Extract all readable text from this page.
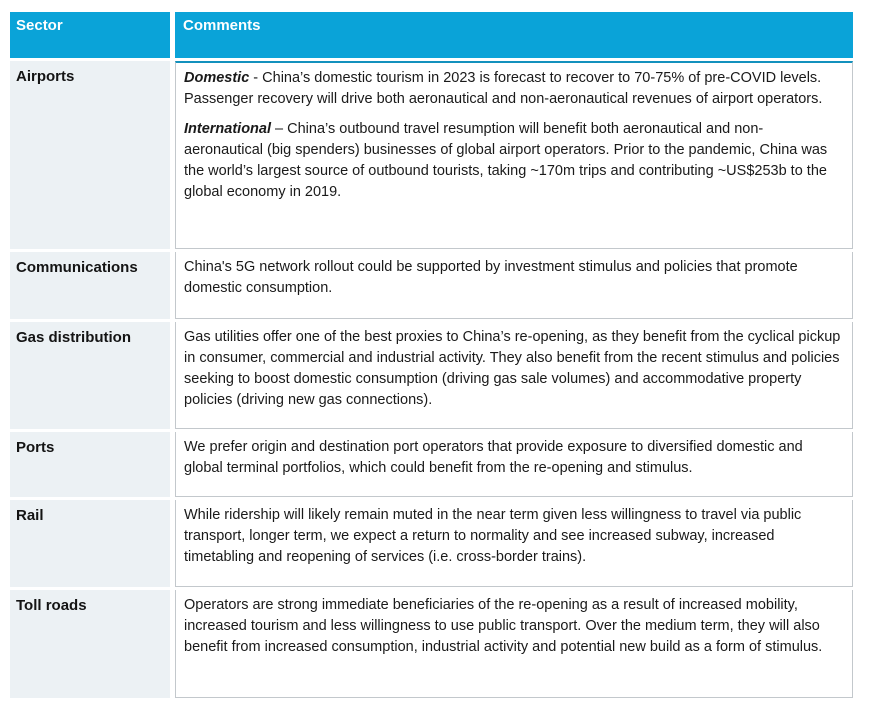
Sector	Comments
Airports	Domestic - China’s domestic tourism in 2023 is forecast to recover to 70-75% of pre-COVID levels. Passenger recovery will drive both aeronautical and non-aeronautical revenues of airport operators.

International – China’s outbound travel resumption will benefit both aeronautical and non-aeronautical (big spenders) businesses of global airport operators. Prior to the pandemic, China was the world’s largest source of outbound tourists, taking ~170m trips and contributing ~US$253b to the global economy in 2019.

Communications	China's 5G network rollout could be supported by investment stimulus and policies that promote domestic consumption.

Gas distribution	Gas utilities offer one of the best proxies to China’s re-opening, as they benefit from the cyclical pickup in consumer, commercial and industrial activity. They also benefit from the recent stimulus and policies seeking to boost domestic consumption (driving gas sale volumes) and accommodative property policies (driving new gas connections).

Ports	We prefer origin and destination port operators that provide exposure to diversified domestic and global terminal portfolios, which could benefit from the re-opening and stimulus.

Rail	While ridership will likely remain muted in the near term given less willingness to travel via public transport, longer term, we expect a return to normality and see increased subway, increased timetabling and reopening of services (i.e. cross-border trains).

Toll roads	Operators are strong immediate beneficiaries of the re-opening as a result of increased mobility, increased tourism and less willingness to use public transport. Over the medium term, they will also benefit from increased consumption, industrial activity and potential new build as a form of stimulus.
